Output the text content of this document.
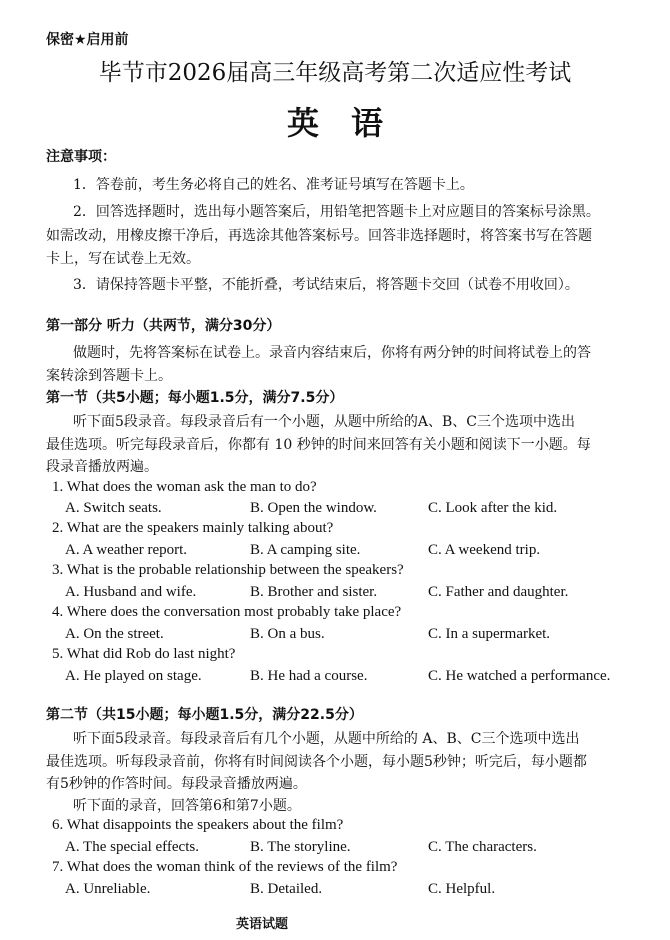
保密★启用前
毕节市2026届高三年级高考第二次适应性考试
英　语
注意事项：
1．答卷前，考生务必将自己的姓名、准考证号填写在答题卡上。
2．回答选择题时，选出每小题答案后，用铅笔把答题卡上对应题目的答案标号涂黑。
如需改动，用橡皮擦干净后，再选涂其他答案标号。回答非选择题时，将答案书写在答题
卡上，写在试卷上无效。
3．请保持答题卡平整，不能折叠，考试结束后，将答题卡交回（试卷不用收回）。
第一部分 听力（共两节，满分30分）
做题时，先将答案标在试卷上。录音内容结束后，你将有两分钟的时间将试卷上的答
案转涂到答题卡上。
第一节（共5小题；每小题1.5分，满分7.5分）
听下面5段录音。每段录音后有一个小题，从题中所给的A、B、C三个选项中选出
最佳选项。听完每段录音后，你都有 10 秒钟的时间来回答有关小题和阅读下一小题。每
段录音播放两遍。
第二节（共15小题；每小题1.5分，满分22.5分）
听下面5段录音。每段录音后有几个小题，从题中所给的 A、B、C三个选项中选出
最佳选项。听每段录音前，你将有时间阅读各个小题，每小题5秒钟；听完后，每小题都
有5秒钟的作答时间。每段录音播放两遍。
听下面的录音，回答第6和第7小题。
英语试题
1. What does the woman ask the man to do?
A. Switch seats.	B. Open the window.	C. Look after the kid.
2. What are the speakers mainly talking about?
A. A weather report.	B. A camping site.	C. A weekend trip.
3. What is the probable relationship between the speakers?
A. Husband and wife.	B. Brother and sister.	C. Father and daughter.
4. Where does the conversation most probably take place?
A. On the street.	B. On a bus.	C. In a supermarket.
5. What did Rob do last night?
A. He played on stage.	B. He had a course.	C. He watched a performance.
6. What disappoints the speakers about the film?
A. The special effects.	B. The storyline.	C. The characters.
7. What does the woman think of the reviews of the film?
A. Unreliable.	B. Detailed.	C. Helpful.
